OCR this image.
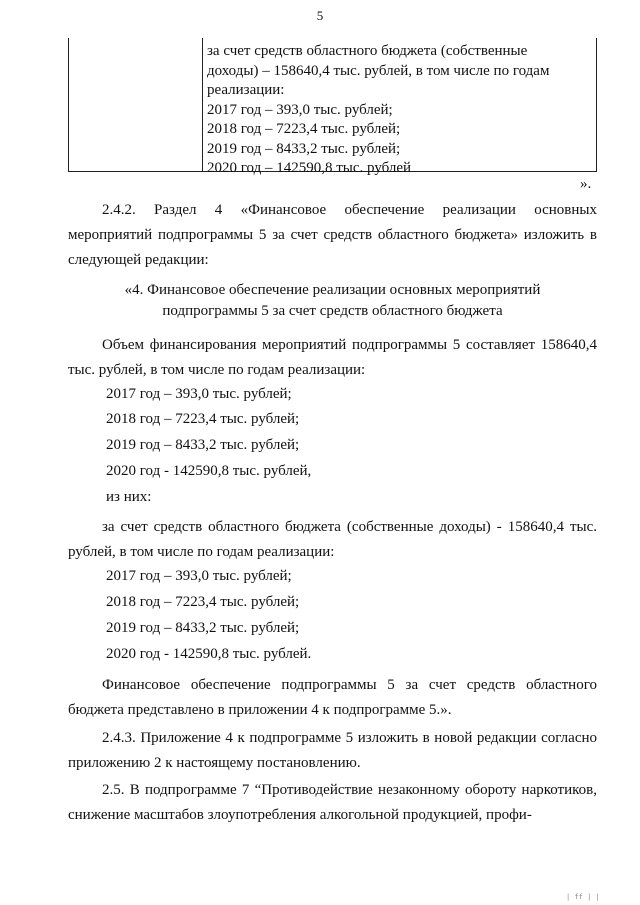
5
за счет средств областного бюджета (собственные
доходы) – 158640,4 тыс. рублей, в том числе по годам
реализации:
2017 год – 393,0 тыс. рублей;
2018 год – 7223,4 тыс. рублей;
2019 год – 8433,2 тыс. рублей;
2020 год – 142590,8 тыс. рублей
».
2.4.2. Раздел 4 «Финансовое обеспечение реализации основных мероприятий подпрограммы 5 за счет средств областного бюджета» изложить в следующей редакции:
«4. Финансовое обеспечение реализации основных мероприятий
подпрограммы 5 за счет средств областного бюджета
Объем финансирования мероприятий подпрограммы 5 составляет 158640,4 тыс. рублей, в том числе по годам реализации:
2017 год – 393,0 тыс. рублей;
2018 год – 7223,4 тыс. рублей;
2019 год – 8433,2 тыс. рублей;
2020 год - 142590,8 тыс. рублей,
из них:
за счет средств областного бюджета (собственные доходы) - 158640,4 тыс. рублей, в том числе по годам реализации:
2017 год – 393,0 тыс. рублей;
2018 год – 7223,4 тыс. рублей;
2019 год – 8433,2 тыс. рублей;
2020 год - 142590,8 тыс. рублей.
Финансовое обеспечение подпрограммы 5 за счет средств областного бюджета представлено в приложении 4 к подпрограмме 5.».
2.4.3. Приложение 4 к подпрограмме 5 изложить в новой редакции согласно приложению 2 к настоящему постановлению.
2.5. В подпрограмме 7 “Противодействие незаконному обороту наркотиков, снижение масштабов злоупотребления алкогольной продукцией, профи-
| ff | |
